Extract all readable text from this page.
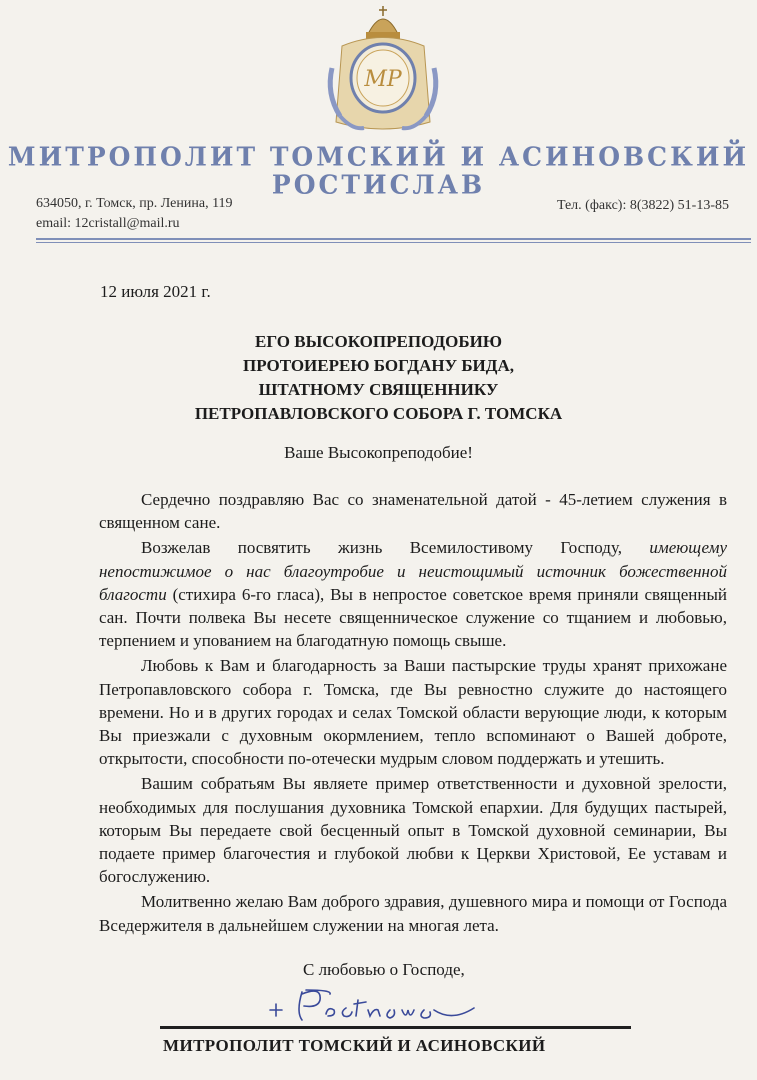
МР
МИТРОПОЛИТ ТОМСКИЙ И АСИНОВСКИЙ
РОСТИСЛАВ
634050, г. Томск, пр. Ленина, 119
email: 12cristall@mail.ru
Тел. (факс): 8(3822) 51-13-85
12 июля 2021 г.
ЕГО ВЫСОКОПРЕПОДОБИЮ
ПРОТОИЕРЕЮ БОГДАНУ БИДА,
ШТАТНОМУ СВЯЩЕННИКУ
ПЕТРОПАВЛОВСКОГО СОБОРА Г. ТОМСКА
Ваше Высокопреподобие!

Сердечно поздравляю Вас со знаменательной датой - 45-летием служения в священном сане.

Возжелав посвятить жизнь Всемилостивому Господу, имеющему непостижимое о нас благоутробие и неистощимый источник божественной благости (стихира 6-го гласа), Вы в непростое советское время приняли священный сан. Почти полвека Вы несете священническое служение со тщанием и любовью, терпением и упованием на благодатную помощь свыше.

Любовь к Вам и благодарность за Ваши пастырские труды хранят прихожане Петропавловского собора г. Томска, где Вы ревностно служите до настоящего времени. Но и в других городах и селах Томской области верующие люди, к которым Вы приезжали с духовным окормлением, тепло вспоминают о Вашей доброте, открытости, способности по-отечески мудрым словом поддержать и утешить.

Вашим собратьям Вы являете пример ответственности и духовной зрелости, необходимых для послушания духовника Томской епархии. Для будущих пастырей, которым Вы передаете свой бесценный опыт в Томской духовной семинарии, Вы подаете пример благочестия и глубокой любви к Церкви Христовой, Ее уставам и богослужению.

Молитвенно желаю Вам доброго здравия, душевного мира и помощи от Господа Вседержителя в дальнейшем служении на многая лета.

С любовью о Господе,
МИТРОПОЛИТ ТОМСКИЙ И АСИНОВСКИЙ
